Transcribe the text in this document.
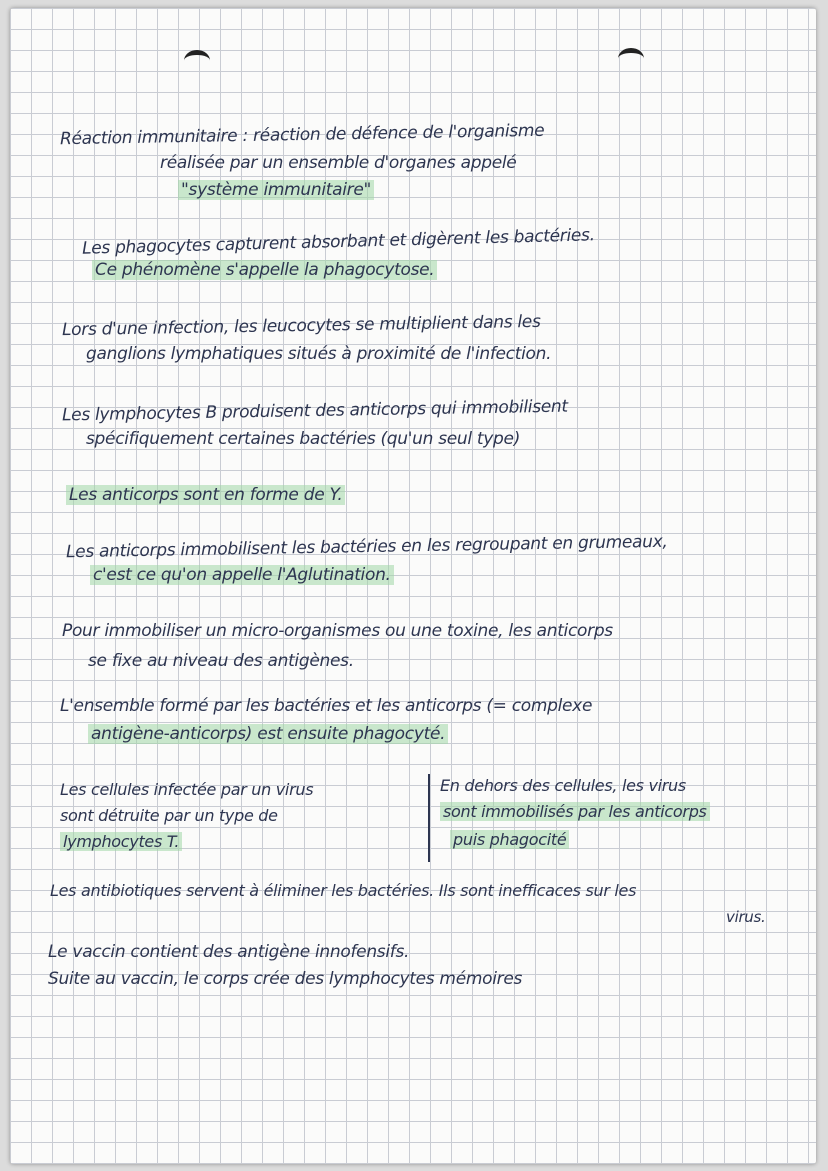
Réaction immunitaire : réaction de défence de l'organisme

réalisée par un ensemble d'organes appelé

"système immunitaire"

Les phagocytes capturent absorbant et digèrent les bactéries.

Ce phénomène s'appelle la phagocytose.

Lors d'une infection, les leucocytes se multiplient dans les

ganglions lymphatiques situés à proximité de l'infection.

Les lymphocytes B produisent des anticorps qui immobilisent

spécifiquement certaines bactéries (qu'un seul type)

Les anticorps sont en forme de Y.

Les anticorps immobilisent les bactéries en les regroupant en grumeaux,

c'est ce qu'on appelle l'Aglutination.

Pour immobiliser un micro-organismes ou une toxine, les anticorps

se fixe au niveau des antigènes.

L'ensemble formé par les bactéries et les anticorps (= complexe

antigène-anticorps) est ensuite phagocyté.

Les cellules infectée par un virus

sont détruite par un type de

lymphocytes T.

En dehors des cellules, les virus

sont immobilisés par les anticorps

puis phagocité

Les antibiotiques servent à éliminer les bactéries. Ils sont inefficaces sur les

virus.

Le vaccin contient des antigène innofensifs.

Suite au vaccin, le corps crée des lymphocytes mémoires
